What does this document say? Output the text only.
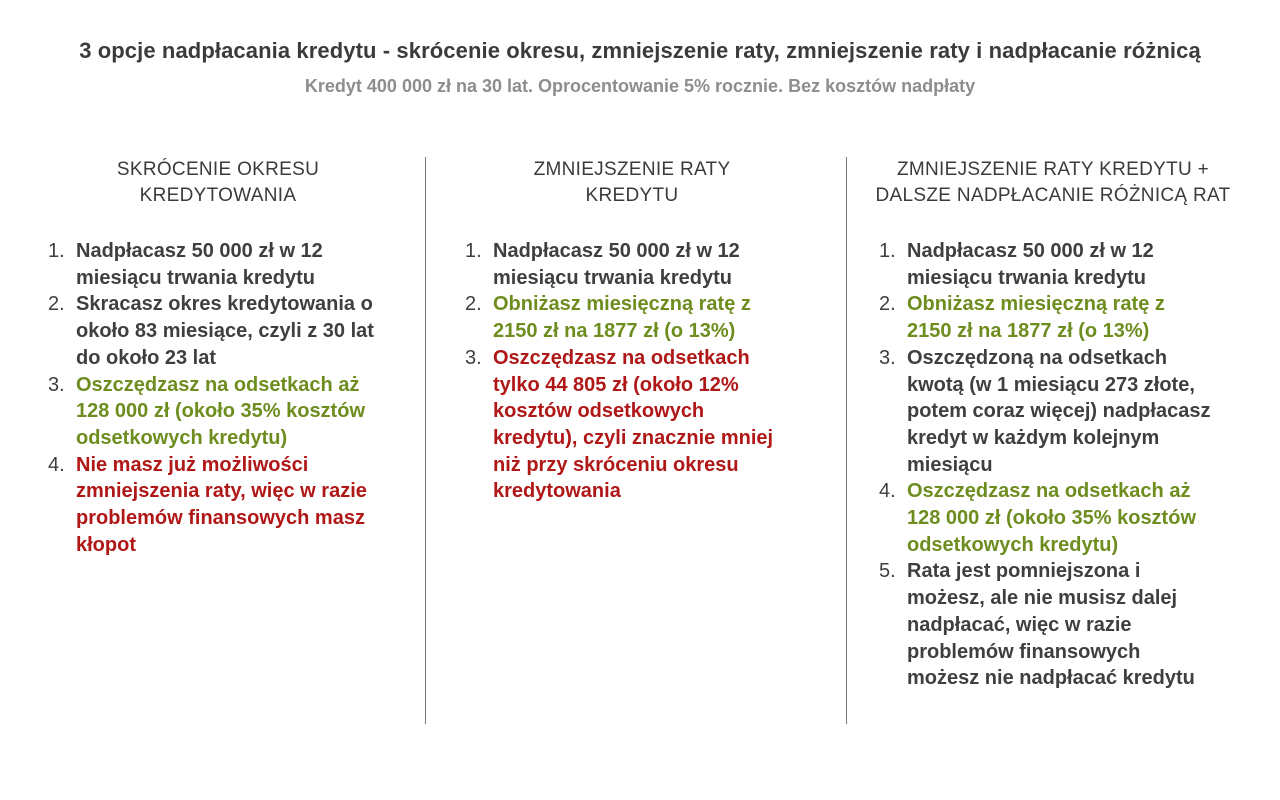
3 opcje nadpłacania kredytu - skrócenie okresu, zmniejszenie raty, zmniejszenie raty i nadpłacanie różnicą
Kredyt 400 000 zł na 30 lat. Oprocentowanie 5% rocznie. Bez kosztów nadpłaty
SKRÓCENIE OKRESU
KREDYTOWANIA
1. Nadpłacasz 50 000 zł w 12 miesiącu trwania kredytu
2. Skracasz okres kredytowania o około 83 miesiące, czyli z 30 lat do około 23 lat
3. Oszczędzasz na odsetkach aż 128 000 zł (około 35% kosztów odsetkowych kredytu)
4. Nie masz już możliwości zmniejszenia raty, więc w razie problemów finansowych masz kłopot
ZMNIEJSZENIE RATY
KREDYTU
1. Nadpłacasz 50 000 zł w 12 miesiącu trwania kredytu
2. Obniżasz miesięczną ratę z 2150 zł na 1877 zł (o 13%)
3. Oszczędzasz na odsetkach tylko 44 805 zł (około 12% kosztów odsetkowych kredytu), czyli znacznie mniej niż przy skróceniu okresu kredytowania
ZMNIEJSZENIE RATY KREDYTU +
DALSZE NADPŁACANIE RÓŻNICĄ RAT
1. Nadpłacasz 50 000 zł w 12 miesiącu trwania kredytu
2. Obniżasz miesięczną ratę z 2150 zł na 1877 zł (o 13%)
3. Oszczędzoną na odsetkach kwotą (w 1 miesiącu 273 złote, potem coraz więcej) nadpłacasz kredyt w każdym kolejnym miesiącu
4. Oszczędzasz na odsetkach aż 128 000 zł (około 35% kosztów odsetkowych kredytu)
5. Rata jest pomniejszona i możesz, ale nie musisz dalej nadpłacać, więc w razie problemów finansowych możesz nie nadpłacać kredytu
